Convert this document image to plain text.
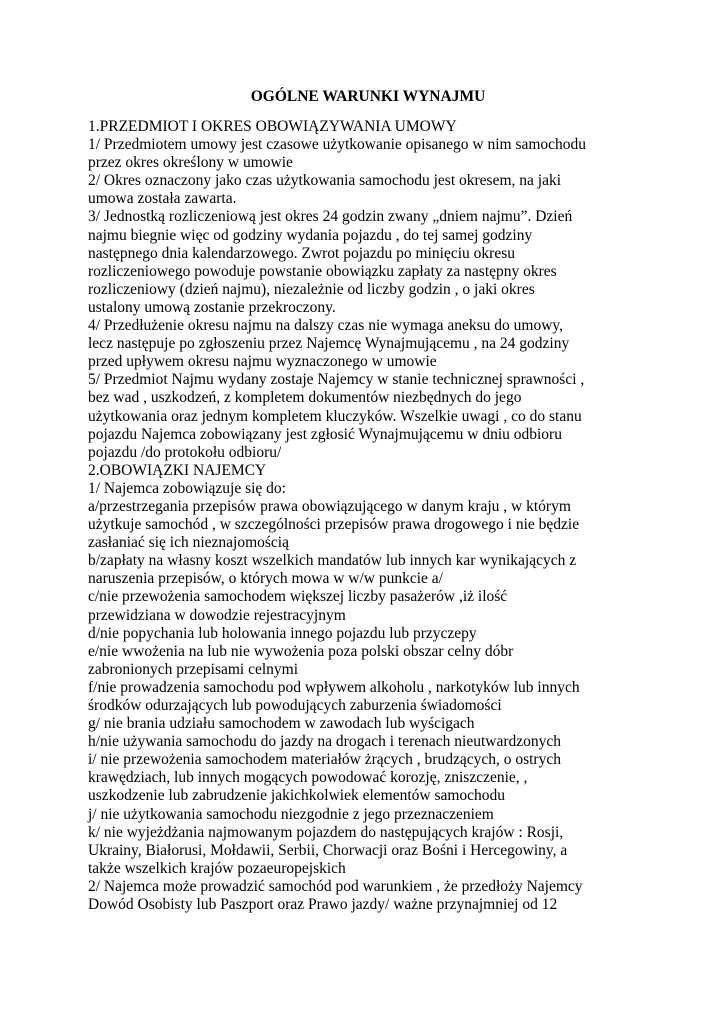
OGÓLNE WARUNKI WYNAJMU

1.PRZEDMIOT I OKRES OBOWIĄZYWANIA UMOWY

1/ Przedmiotem umowy jest czasowe użytkowanie opisanego w nim samochodu

przez okres określony w umowie

2/ Okres oznaczony jako czas użytkowania samochodu jest okresem, na jaki

umowa została zawarta.

3/ Jednostką rozliczeniową jest okres 24 godzin zwany „dniem najmu”. Dzień

najmu biegnie więc od godziny wydania pojazdu , do tej samej godziny

następnego dnia kalendarzowego. Zwrot pojazdu po minięciu okresu

rozliczeniowego powoduje powstanie obowiązku zapłaty za następny okres

rozliczeniowy (dzień najmu), niezależnie od liczby godzin , o jaki okres

ustalony umową zostanie przekroczony.

4/ Przedłużenie okresu najmu na dalszy czas nie wymaga aneksu do umowy,

lecz następuje po zgłoszeniu przez Najemcę Wynajmującemu , na 24 godziny

przed upływem okresu najmu wyznaczonego w umowie

5/ Przedmiot Najmu wydany zostaje Najemcy w stanie technicznej sprawności ,

bez wad , uszkodzeń, z kompletem dokumentów niezbędnych do jego

użytkowania oraz jednym kompletem kluczyków. Wszelkie uwagi , co do stanu

pojazdu Najemca zobowiązany jest zgłosić Wynajmującemu w dniu odbioru

pojazdu /do protokołu odbioru/

2.OBOWIĄZKI NAJEMCY

1/ Najemca zobowiązuje się do:

a/przestrzegania przepisów prawa obowiązującego w danym kraju , w którym

użytkuje samochód , w szczególności przepisów prawa drogowego i nie będzie

zasłaniać się ich nieznajomością

b/zapłaty na własny koszt wszelkich mandatów lub innych kar wynikających z

naruszenia przepisów, o których mowa w w/w punkcie a/

c/nie przewożenia samochodem większej liczby pasażerów ,iż ilość

przewidziana w dowodzie rejestracyjnym

d/nie popychania lub holowania innego pojazdu lub przyczepy

e/nie wwożenia na lub nie wywożenia poza polski obszar celny dóbr

zabronionych przepisami celnymi

f/nie prowadzenia samochodu pod wpływem alkoholu , narkotyków lub innych

środków odurzających lub powodujących zaburzenia świadomości

g/ nie brania udziału samochodem w zawodach lub wyścigach

h/nie używania samochodu do jazdy na drogach i terenach nieutwardzonych

i/ nie przewożenia samochodem materiałów żrących , brudzących, o ostrych

krawędziach, lub innych mogących powodować korozję, zniszczenie, ,

uszkodzenie lub zabrudzenie jakichkolwiek elementów samochodu

j/ nie użytkowania samochodu niezgodnie z jego przeznaczeniem

k/ nie wyjeżdżania najmowanym pojazdem do następujących krajów : Rosji,

Ukrainy, Białorusi, Mołdawii, Serbii, Chorwacji oraz Bośni i Hercegowiny, a

także wszelkich krajów pozaeuropejskich

2/ Najemca może prowadzić samochód pod warunkiem , że przedłoży Najemcy

Dowód Osobisty lub Paszport oraz Prawo jazdy/ ważne przynajmniej od 12
